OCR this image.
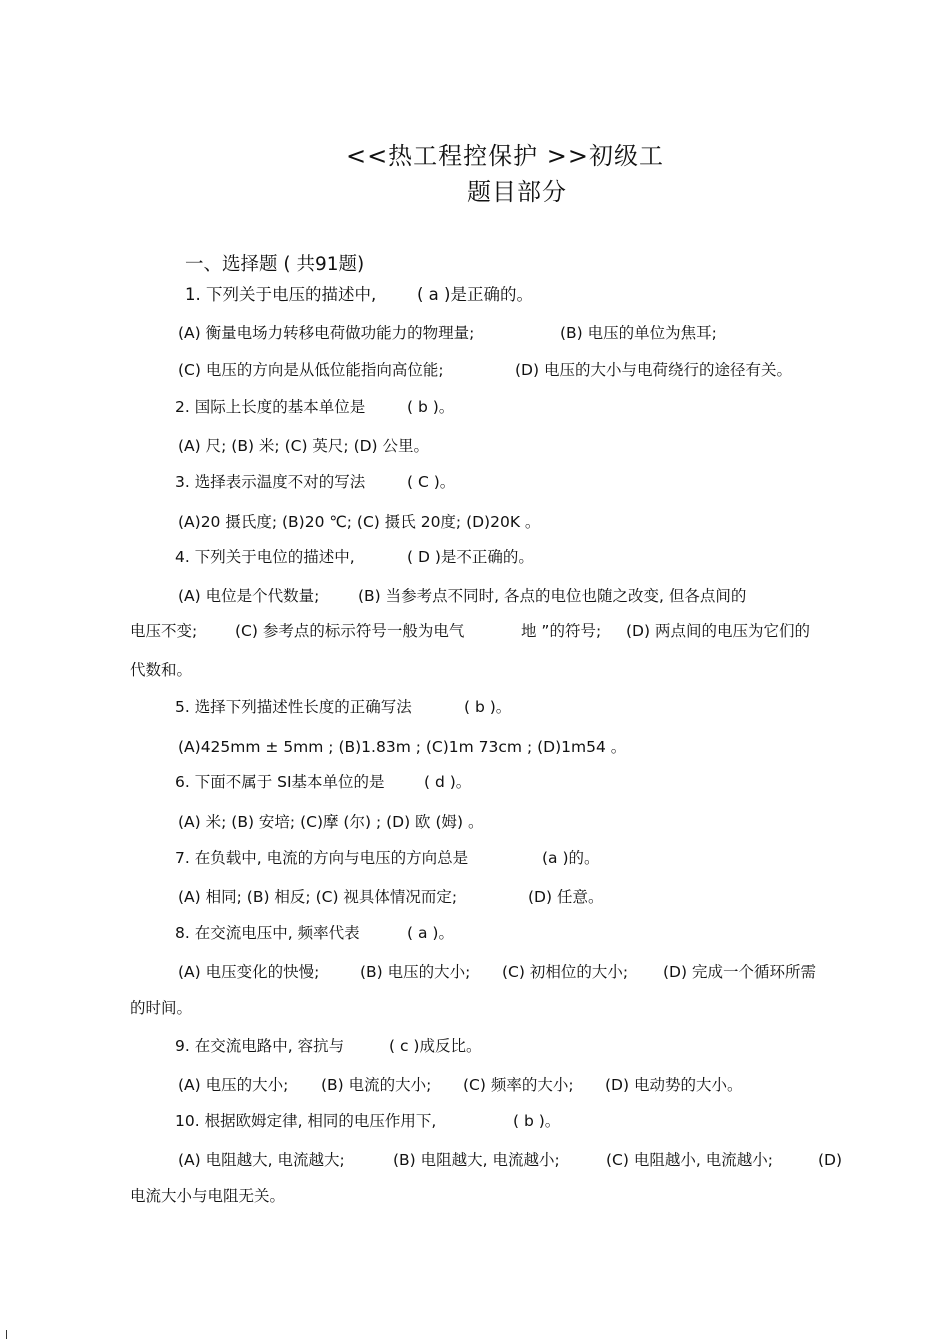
<<热工程控保护 >>初级工
题目部分
一、选择题 ( 共91题)
1. 下列关于电压的描述中, ( a )是正确的。
(A) 衡量电场力转移电荷做功能力的物理量;	(B) 电压的单位为焦耳;
(C) 电压的方向是从低位能指向高位能;	(D) 电压的大小与电荷绕行的途径有关。
2. 国际上长度的基本单位是	( b )。
(A) 尺; (B) 米; (C) 英尺; (D) 公里。
3. 选择表示温度不对的写法	( C )。
(A)20 摄氏度; (B)20 ℃; (C) 摄氏 20度; (D)20K 。
4. 下列关于电位的描述中,	( D )是不正确的。
(A) 电位是个代数量; (B) 当参考点不同时, 各点的电位也随之改变, 但各点间的
电压不变; (C) 参考点的标示符号一般为电气	地 ”的符号; (D) 两点间的电压为它们的
代数和。
5. 选择下列描述性长度的正确写法	( b )。
(A)425mm ± 5mm ; (B)1.83m ; (C)1m 73cm ; (D)1m54 。
6. 下面不属于 SI基本单位的是	( d )。
(A) 米; (B) 安培; (C)摩 (尔) ; (D) 欧 (姆) 。
7. 在负载中, 电流的方向与电压的方向总是	(a )的。
(A) 相同; (B) 相反; (C) 视具体情况而定;	(D) 任意。
8. 在交流电压中, 频率代表	( a )。
(A) 电压变化的快慢;	(B) 电压的大小; (C) 初相位的大小; (D) 完成一个循环所需
的时间。
9. 在交流电路中, 容抗与	( c )成反比。
(A) 电压的大小; (B) 电流的大小; (C) 频率的大小; (D) 电动势的大小。
10. 根据欧姆定律, 相同的电压作用下,	( b )。
(A) 电阻越大, 电流越大;	(B) 电阻越大, 电流越小;	(C) 电阻越小, 电流越小;	(D)
电流大小与电阻无关。
